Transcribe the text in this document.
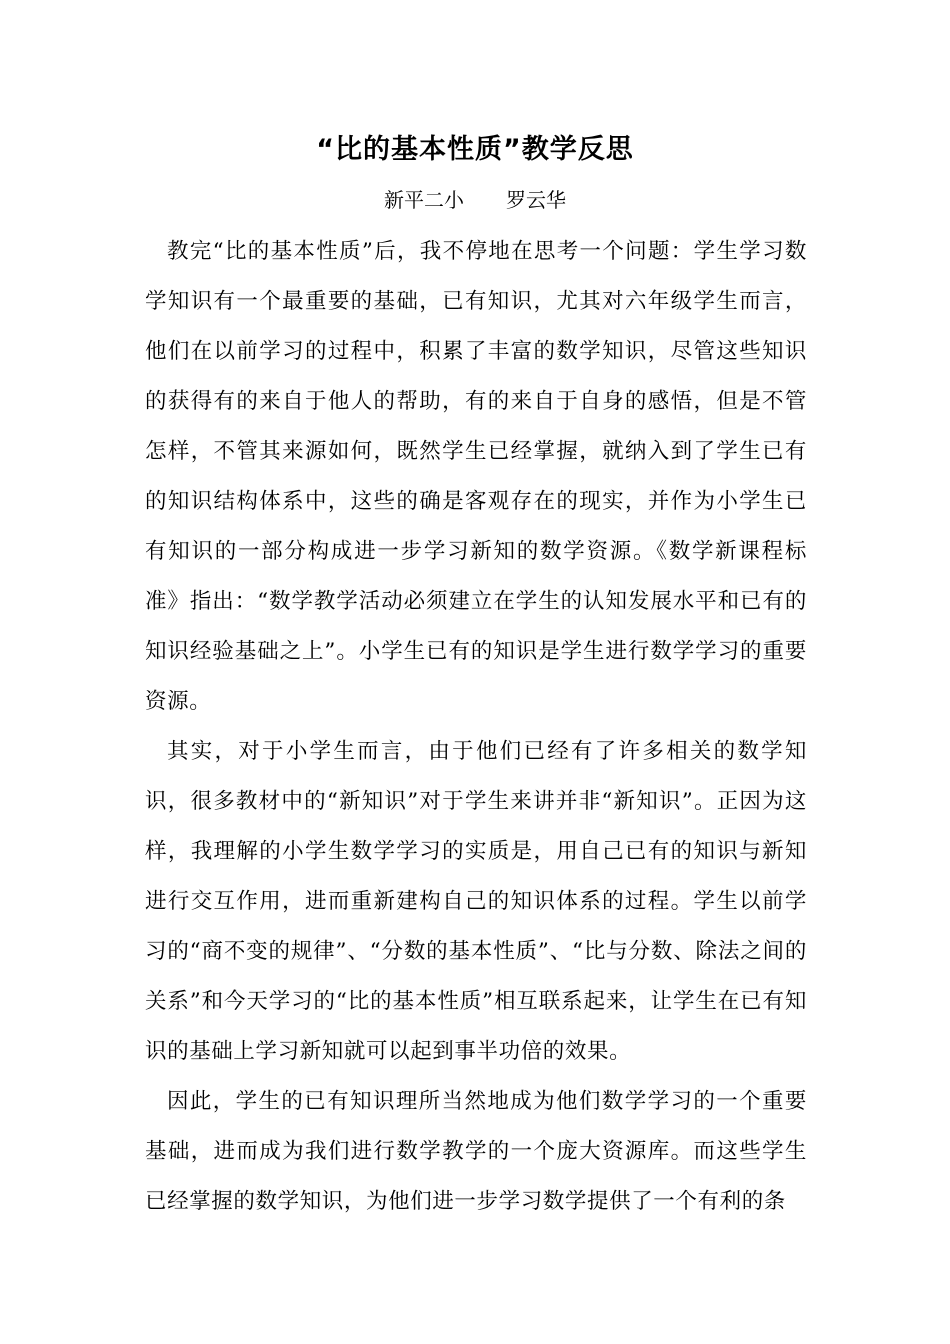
“比的基本性质”教学反思
新平二小 罗云华

教完“比的基本性质”后，我不停地在思考一个问题：学生学习数学知识有一个最重要的基础，已有知识，尤其对六年级学生而言，他们在以前学习的过程中，积累了丰富的数学知识，尽管这些知识的获得有的来自于他人的帮助，有的来自于自身的感悟，但是不管怎样，不管其来源如何，既然学生已经掌握，就纳入到了学生已有的知识结构体系中，这些的确是客观存在的现实，并作为小学生已有知识的一部分构成进一步学习新知的数学资源。《数学新课程标准》指出：“数学教学活动必须建立在学生的认知发展水平和已有的知识经验基础之上”。小学生已有的知识是学生进行数学学习的重要资源。

其实，对于小学生而言，由于他们已经有了许多相关的数学知识，很多教材中的“新知识”对于学生来讲并非“新知识”。正因为这样，我理解的小学生数学学习的实质是，用自己已有的知识与新知进行交互作用，进而重新建构自己的知识体系的过程。学生以前学习的“商不变的规律”、“分数的基本性质”、“比与分数、除法之间的关系”和今天学习的“比的基本性质”相互联系起来，让学生在已有知识的基础上学习新知就可以起到事半功倍的效果。

因此，学生的已有知识理所当然地成为他们数学学习的一个重要基础，进而成为我们进行数学教学的一个庞大资源库。而这些学生已经掌握的数学知识，为他们进一步学习数学提供了一个有利的条
